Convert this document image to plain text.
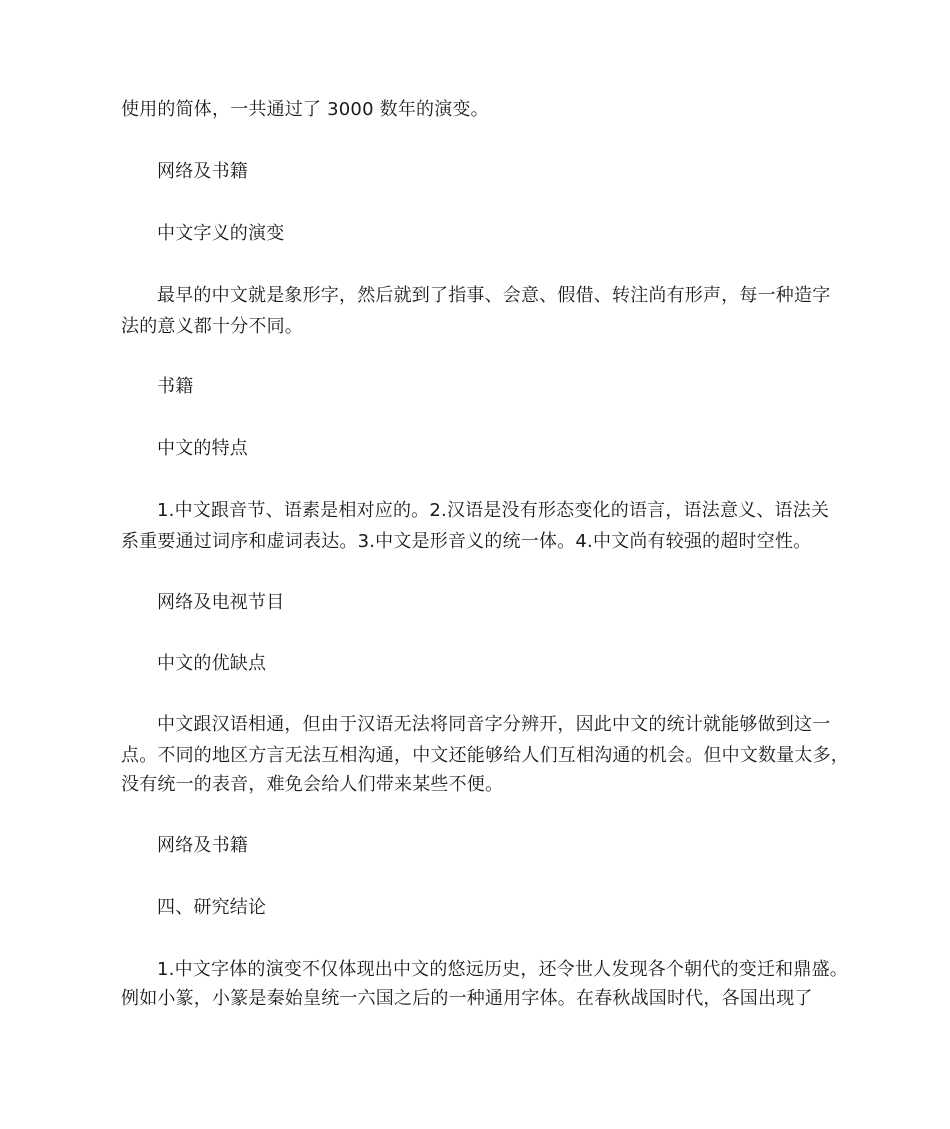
使用的简体，一共通过了 3000 数年的演变。
网络及书籍
中文字义的演变
最早的中文就是象形字，然后就到了指事、会意、假借、转注尚有形声，每一种造字
法的意义都十分不同。
书籍
中文的特点
1.中文跟音节、语素是相对应的。2.汉语是没有形态变化的语言，语法意义、语法关
系重要通过词序和虚词表达。3.中文是形音义的统一体。4.中文尚有较强的超时空性。
网络及电视节目
中文的优缺点
中文跟汉语相通，但由于汉语无法将同音字分辨开，因此中文的统计就能够做到这一
点。不同的地区方言无法互相沟通，中文还能够给人们互相沟通的机会。但中文数量太多，
没有统一的表音，难免会给人们带来某些不便。
网络及书籍
四、研究结论
1.中文字体的演变不仅体现出中文的悠远历史，还令世人发现各个朝代的变迁和鼎盛。
例如小篆，小篆是秦始皇统一六国之后的一种通用字体。在春秋战国时代，各国出现了
